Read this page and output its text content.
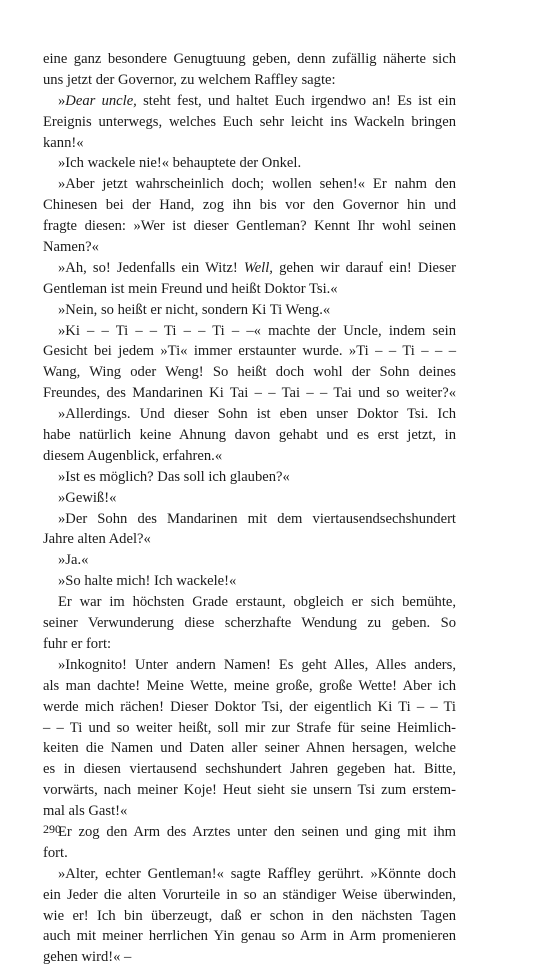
eine ganz besondere Genugtuung geben, denn zufällig näherte sich
uns jetzt der Governor, zu welchem Raffley sagte:
»Dear uncle, steht fest, und haltet Euch irgendwo an! Es ist ein
Ereignis unterwegs, welches Euch sehr leicht ins Wackeln bringen
kann!«
»Ich wackele nie!« behauptete der Onkel.
»Aber jetzt wahrscheinlich doch; wollen sehen!« Er nahm den
Chinesen bei der Hand, zog ihn bis vor den Governor hin und
fragte diesen: »Wer ist dieser Gentleman? Kennt Ihr wohl seinen
Namen?«
»Ah, so! Jedenfalls ein Witz! Well, gehen wir darauf ein! Dieser
Gentleman ist mein Freund und heißt Doktor Tsi.«
»Nein, so heißt er nicht, sondern Ki Ti Weng.«
»Ki – – Ti – – Ti – – Ti – –« machte der Uncle, indem sein
Gesicht bei jedem »Ti« immer erstaunter wurde. »Ti – – Ti – – –
Wang, Wing oder Weng! So heißt doch wohl der Sohn deines
Freundes, des Mandarinen Ki Tai – – Tai – – Tai und so weiter?«
»Allerdings. Und dieser Sohn ist eben unser Doktor Tsi. Ich
habe natürlich keine Ahnung davon gehabt und es erst jetzt, in
diesem Augenblick, erfahren.«
»Ist es möglich? Das soll ich glauben?«
»Gewiß!«
»Der Sohn des Mandarinen mit dem viertausendsechshundert
Jahre alten Adel?«
»Ja.«
»So halte mich! Ich wackele!«
Er war im höchsten Grade erstaunt, obgleich er sich bemühte,
seiner Verwunderung diese scherzhafte Wendung zu geben. So
fuhr er fort:
»Inkognito! Unter andern Namen! Es geht Alles, Alles anders,
als man dachte! Meine Wette, meine große, große Wette! Aber ich
werde mich rächen! Dieser Doktor Tsi, der eigentlich Ki Ti – – Ti
– – Ti und so weiter heißt, soll mir zur Strafe für seine Heimlich-
keiten die Namen und Daten aller seiner Ahnen hersagen, welche
es in diesen viertausend sechshundert Jahren gegeben hat. Bitte,
vorwärts, nach meiner Koje! Heut sieht sie unsern Tsi zum erstem-
mal als Gast!«
Er zog den Arm des Arztes unter den seinen und ging mit ihm
fort.
»Alter, echter Gentleman!« sagte Raffley gerührt. »Könnte doch
ein Jeder die alten Vorurteile in so an ständiger Weise überwinden,
wie er! Ich bin überzeugt, daß er schon in den nächsten Tagen
auch mit meiner herrlichen Yin genau so Arm in Arm promenieren
gehen wird!« –
290
